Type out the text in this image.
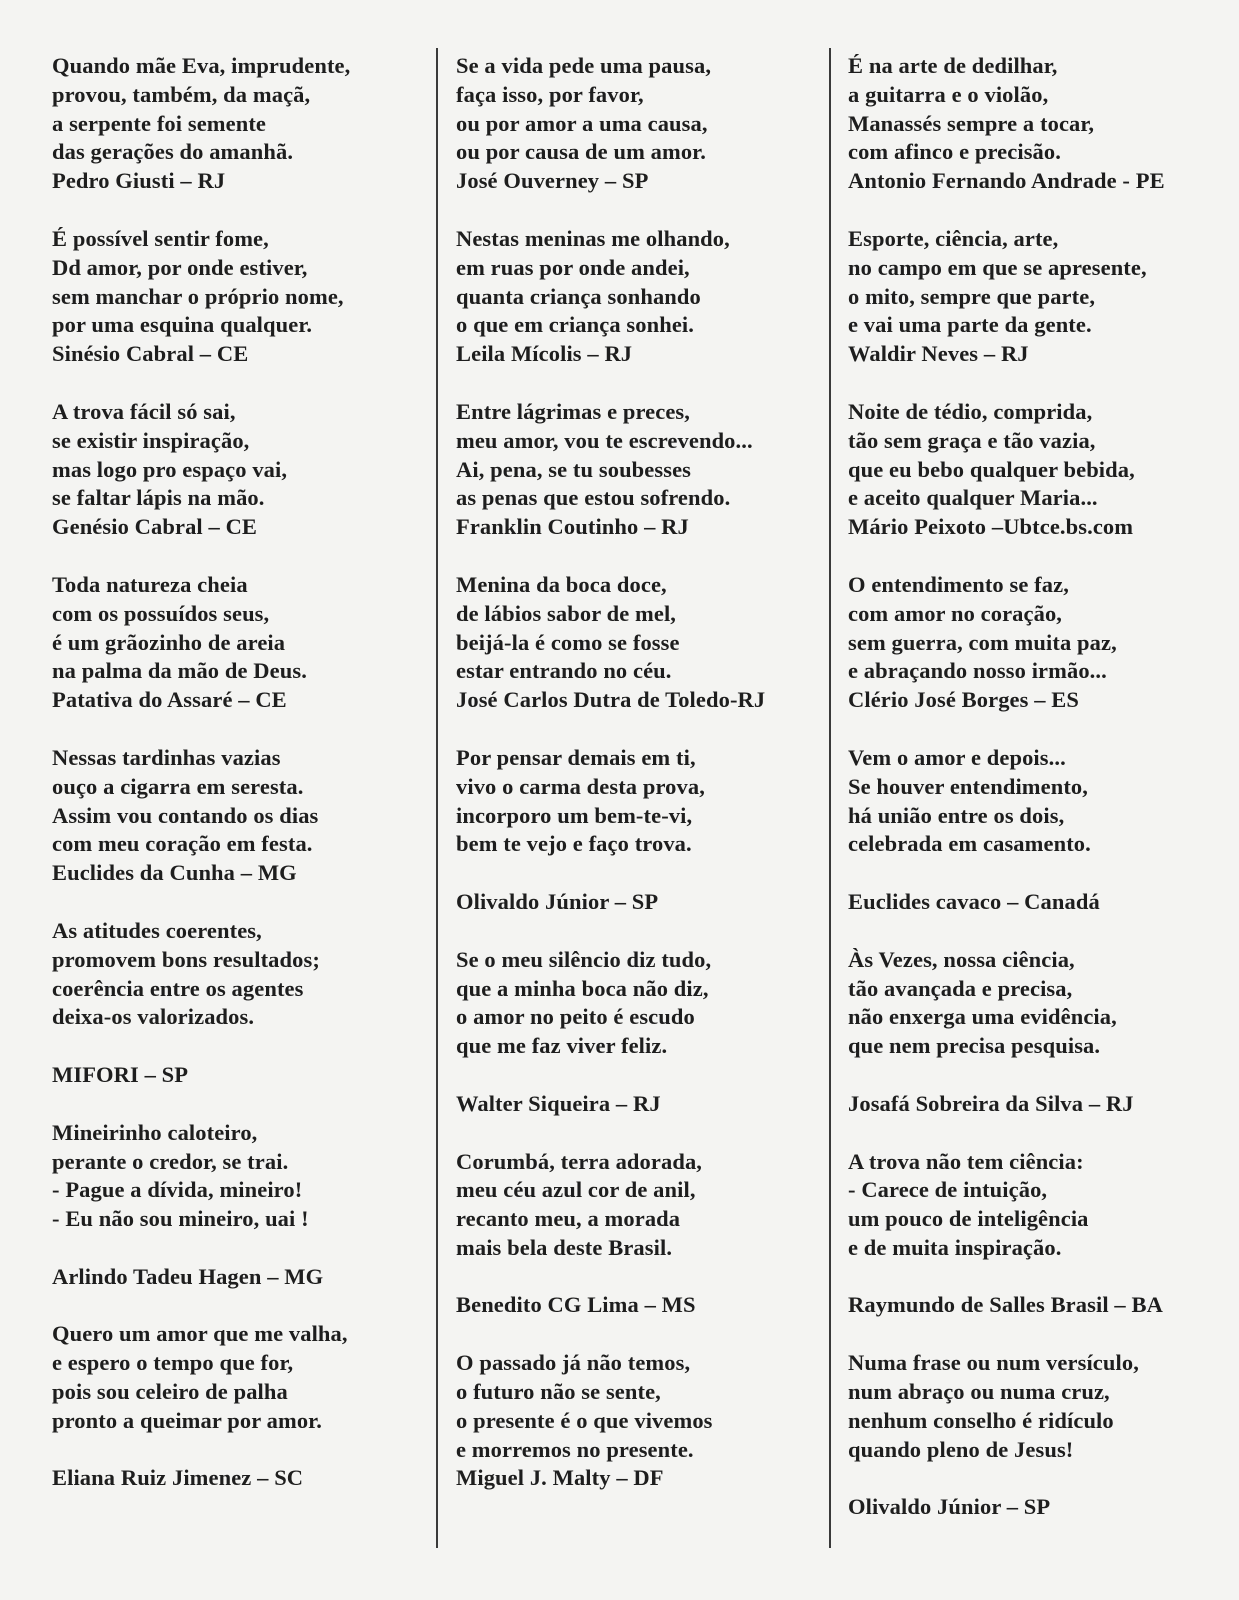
Quando mãe Eva, imprudente,
provou, também, da maçã,
a serpente foi semente
das gerações do amanhã.
Pedro Giusti – RJ
É possível sentir fome,
Dd amor, por onde estiver,
sem manchar o próprio nome,
por uma esquina qualquer.
Sinésio Cabral – CE
A trova fácil só sai,
se existir inspiração,
mas logo pro espaço vai,
se faltar lápis na mão.
Genésio Cabral – CE
Toda natureza cheia
com os possuídos seus,
é um grãozinho de areia
na palma da mão de Deus.
Patativa do Assaré – CE
Nessas tardinhas vazias
ouço a cigarra em seresta.
Assim vou contando os dias
com meu coração em festa.
Euclides da Cunha – MG
As atitudes coerentes,
promovem bons resultados;
coerência entre os agentes
deixa-os valorizados.
MIFORI – SP
Mineirinho caloteiro,
perante o credor, se trai.
- Pague a dívida, mineiro!
- Eu não sou mineiro, uai !
Arlindo Tadeu Hagen – MG
Quero um amor que me valha,
e espero o tempo que for,
pois sou celeiro de palha
pronto a queimar por amor.
Eliana Ruiz Jimenez – SC
Se a vida pede uma pausa,
faça isso, por favor,
ou por amor a uma causa,
ou por causa de um amor.
José Ouverney – SP
Nestas meninas me olhando,
em ruas por onde andei,
quanta criança sonhando
o que em criança sonhei.
Leila Mícolis – RJ
Entre lágrimas e preces,
meu amor, vou te escrevendo...
Ai, pena, se tu soubesses
as penas que estou sofrendo.
Franklin Coutinho – RJ
Menina da boca doce,
de lábios sabor de mel,
beijá-la é como se fosse
estar entrando no céu.
José Carlos Dutra de Toledo-RJ
Por pensar demais em ti,
vivo o carma desta prova,
incorporo um bem-te-vi,
bem te vejo e faço trova.
Olivaldo Júnior – SP
Se o meu silêncio diz tudo,
que a minha boca não diz,
o amor no peito é escudo
que me faz viver feliz.
Walter Siqueira – RJ
Corumbá, terra adorada,
meu céu azul cor de anil,
recanto meu, a morada
mais bela deste Brasil.
Benedito CG Lima – MS
O passado já não temos,
o futuro não se sente,
o presente é o que vivemos
e morremos no presente.
Miguel J. Malty – DF
É na arte de dedilhar,
a guitarra e o violão,
Manassés sempre a tocar,
com afinco e precisão.
Antonio Fernando Andrade - PE
Esporte, ciência, arte,
no campo em que se apresente,
o mito, sempre que parte,
e vai uma parte da gente.
Waldir Neves – RJ
Noite de tédio, comprida,
tão sem graça e tão vazia,
que eu bebo qualquer bebida,
e aceito qualquer Maria...
Mário Peixoto –Ubtce.bs.com
O entendimento se faz,
com amor no coração,
sem guerra, com muita paz,
e abraçando nosso irmão...
Clério José Borges – ES
Vem o amor e depois...
Se houver entendimento,
há união entre os dois,
celebrada em casamento.
Euclides cavaco – Canadá
Às Vezes, nossa ciência,
tão avançada e precisa,
não enxerga uma evidência,
que nem precisa pesquisa.
Josafá Sobreira da Silva – RJ
A trova não tem ciência:
- Carece de intuição,
um pouco de inteligência
e de muita inspiração.
Raymundo de Salles Brasil – BA
Numa frase ou num versículo,
num abraço ou numa cruz,
nenhum conselho é ridículo
quando pleno de Jesus!
Olivaldo Júnior – SP
